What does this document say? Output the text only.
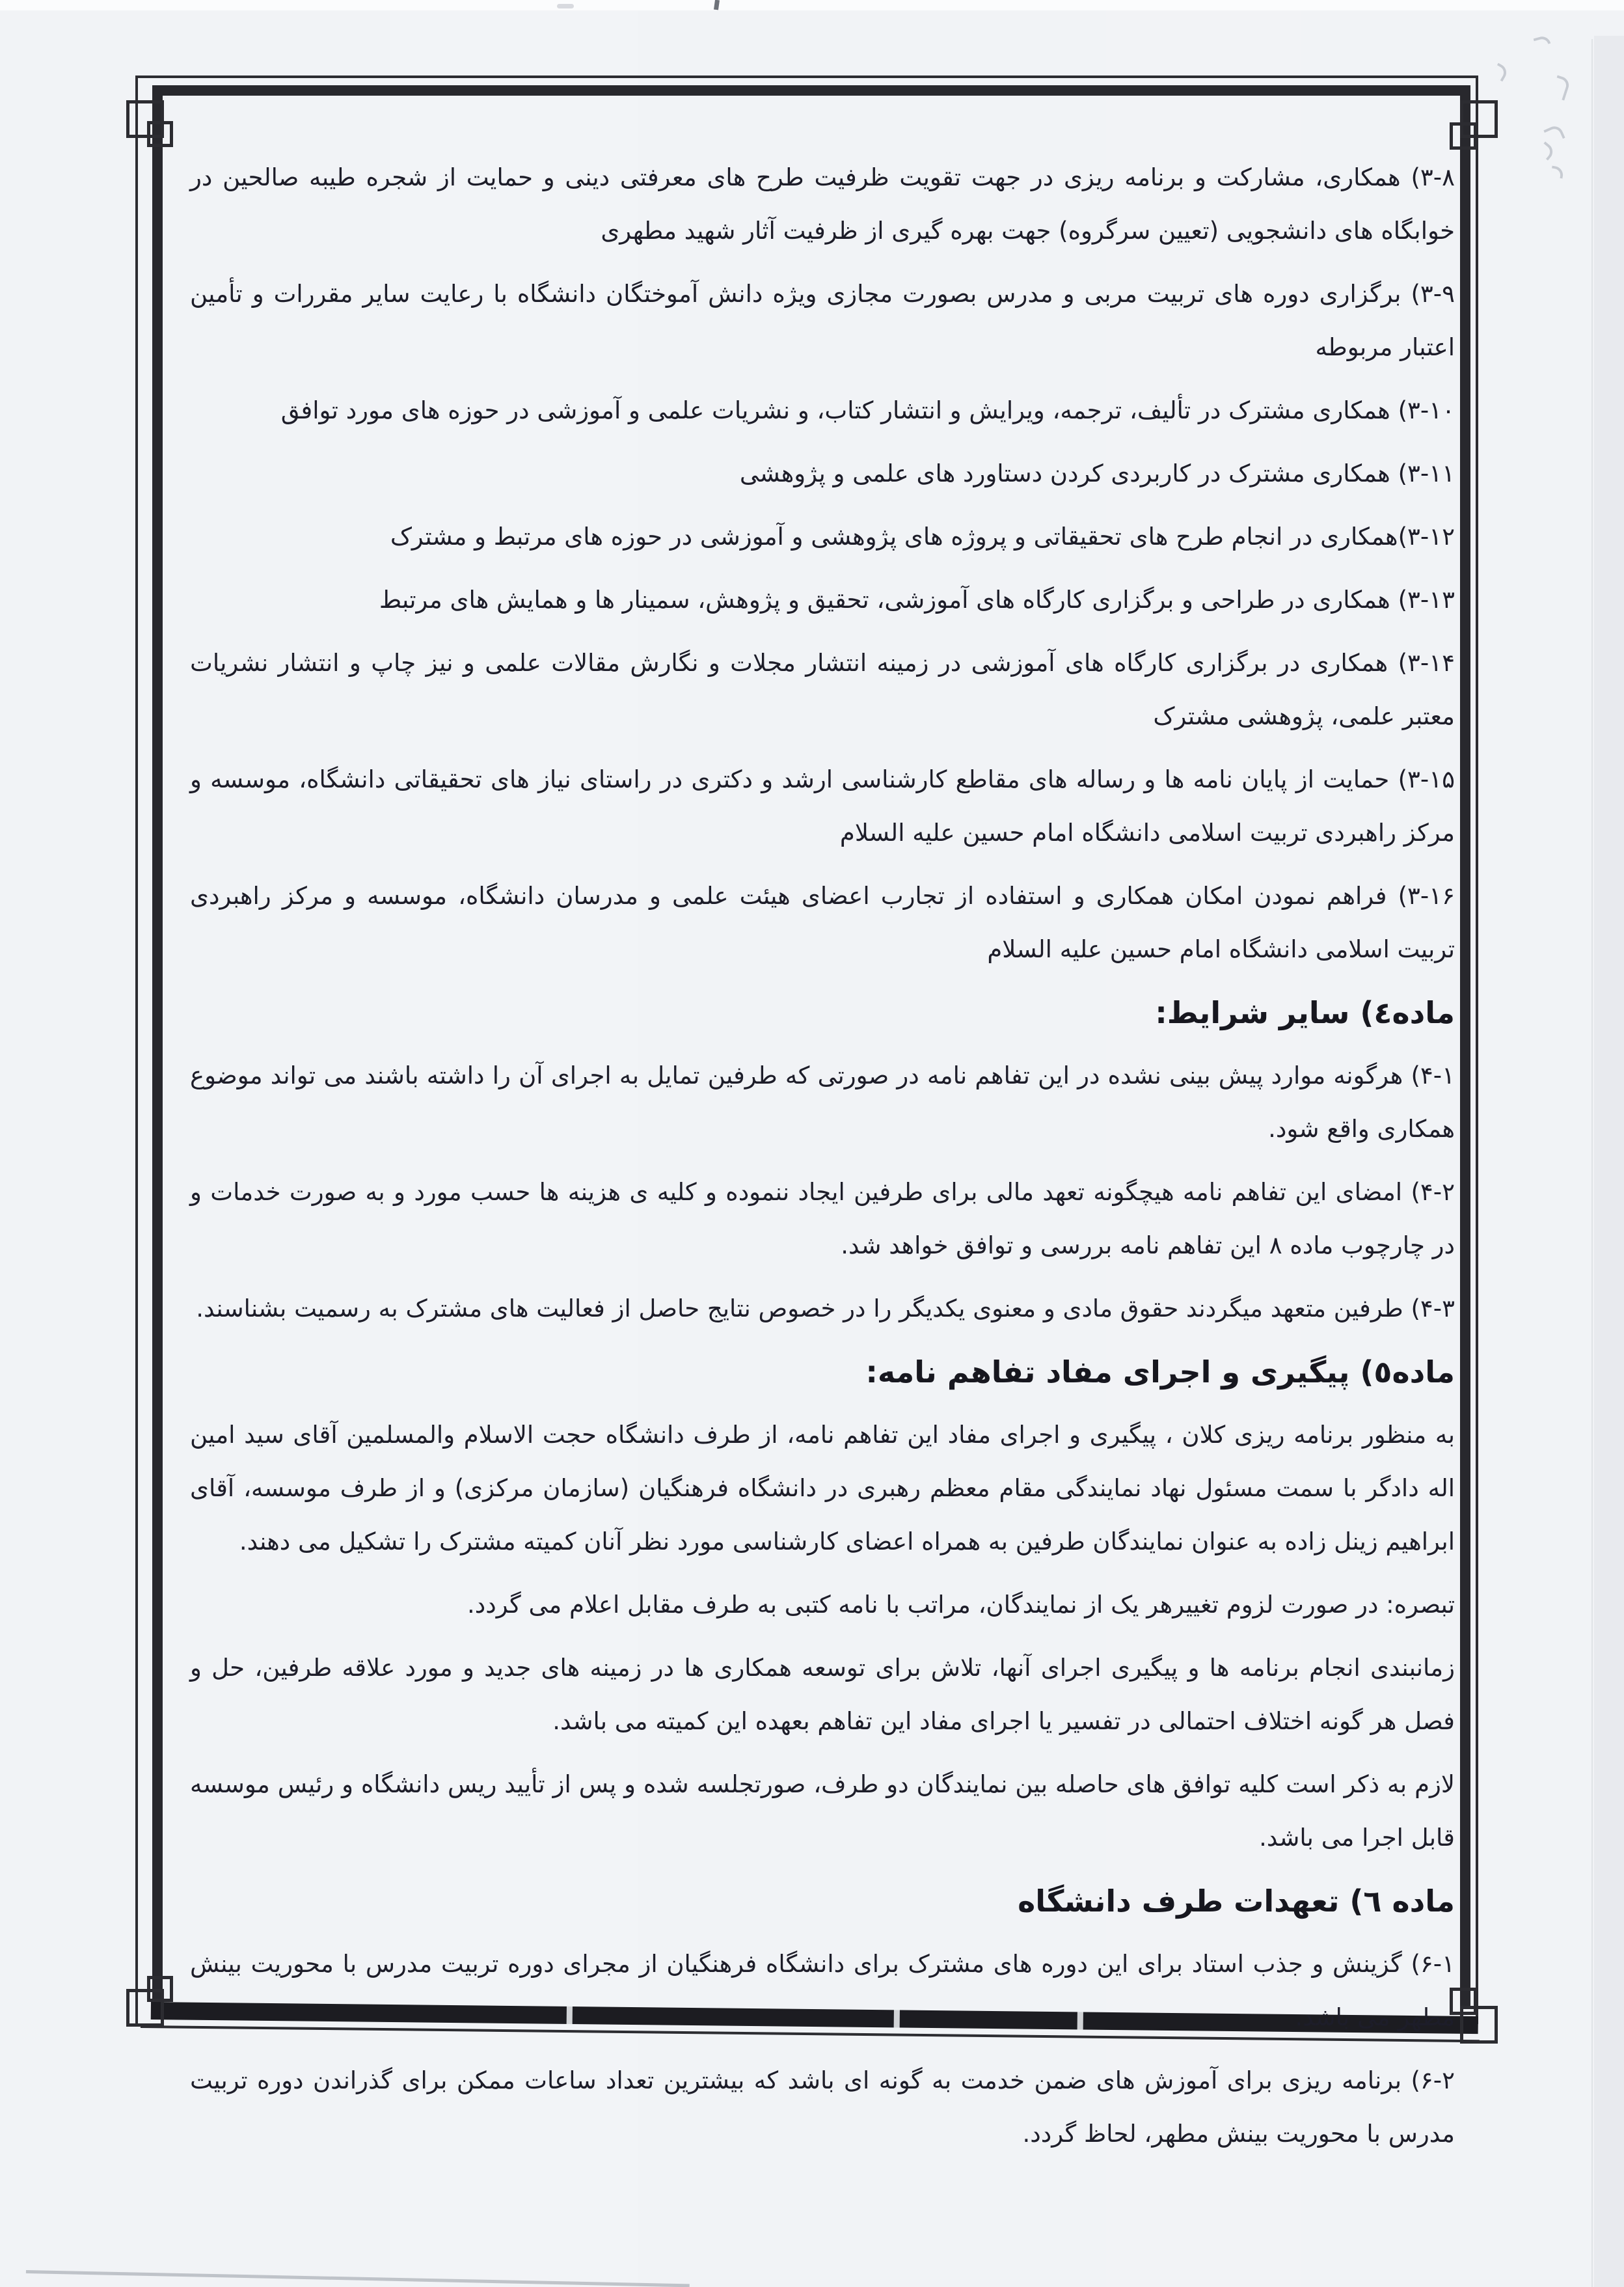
۳-۸) همکاری، مشارکت و برنامه ریزی در جهت تقویت ظرفیت طرح های معرفتی دینی و حمایت از شجره طیبه صالحین در خوابگاه های دانشجویی (تعیین سرگروه) جهت بهره گیری از ظرفیت آثار شهید مطهری

۳-۹) برگزاری دوره های تربیت مربی و مدرس بصورت مجازی ویژه دانش آموختگان دانشگاه با رعایت سایر مقررات و تأمین اعتبار مربوطه

۳-۱۰) همکاری مشترک در تألیف، ترجمه، ویرایش و انتشار کتاب، و نشریات علمی و آموزشی در حوزه های مورد توافق

۳-۱۱) همکاری مشترک در کاربردی کردن دستاورد های علمی و پژوهشی

۳-۱۲)همکاری در انجام طرح های تحقیقاتی و پروژه های پژوهشی و آموزشی در حوزه های مرتبط و مشترک

۳-۱۳) همکاری در طراحی و برگزاری کارگاه های آموزشی، تحقیق و پژوهش، سمینار ها و همایش های مرتبط

۳-۱۴) همکاری در برگزاری کارگاه های آموزشی در زمینه انتشار مجلات و نگارش مقالات علمی و نیز چاپ و انتشار نشریات معتبر علمی، پژوهشی مشترک

۳-۱۵) حمایت از پایان نامه ها و رساله های مقاطع کارشناسی ارشد و دکتری در راستای نیاز های تحقیقاتی دانشگاه، موسسه و مرکز راهبردی تربیت اسلامی دانشگاه امام حسین علیه السلام

۳-۱۶) فراهم نمودن امکان همکاری و استفاده از تجارب اعضای هیئت علمی و مدرسان دانشگاه، موسسه و مرکز راهبردی تربیت اسلامی دانشگاه امام حسین علیه السلام

ماده٤) سایر شرایط:

۴-۱) هرگونه موارد پیش بینی نشده در این تفاهم نامه در صورتی که طرفین تمایل به اجرای آن را داشته باشند می تواند موضوع همکاری واقع شود.

۴-۲) امضای این تفاهم نامه هیچگونه تعهد مالی برای طرفین ایجاد ننموده و کلیه ی هزینه ها حسب مورد و به صورت خدمات و در چارچوب ماده ۸ این تفاهم نامه بررسی و توافق خواهد شد.

۴-۳) طرفین متعهد میگردند حقوق مادی و معنوی یکدیگر را در خصوص نتایج حاصل از فعالیت های مشترک به رسمیت بشناسند.

ماده٥) پیگیری و اجرای مفاد تفاهم نامه:

به منظور برنامه ریزی کلان ، پیگیری و اجرای مفاد این تفاهم نامه، از طرف دانشگاه حجت الاسلام والمسلمین آقای سید امین اله دادگر با سمت مسئول نهاد نمایندگی مقام معظم رهبری در دانشگاه فرهنگیان (سازمان مرکزی) و از طرف موسسه، آقای ابراهیم زینل زاده به عنوان نمایندگان طرفین به همراه اعضای کارشناسی مورد نظر آنان کمیته مشترک را تشکیل می دهند.

تبصره: در صورت لزوم تغییرهر یک از نمایندگان، مراتب با نامه کتبی به طرف مقابل اعلام می گردد.

زمانبندی انجام برنامه ها و پیگیری اجرای آنها، تلاش برای توسعه همکاری ها در زمینه های جدید و مورد علاقه طرفین، حل و فصل هر گونه اختلاف احتمالی در تفسیر یا اجرای مفاد این تفاهم بعهده این کمیته می باشد.

لازم به ذکر است کلیه توافق های حاصله بین نمایندگان دو طرف، صورتجلسه شده و پس از تأیید ریس دانشگاه و رئیس موسسه قابل اجرا می باشد.

ماده ٦) تعهدات طرف دانشگاه

۶-۱) گزینش و جذب استاد برای این دوره های مشترک برای دانشگاه فرهنگیان از مجرای دوره تربیت مدرس با محوریت بینش مطهر می باشد.

۶-۲) برنامه ریزی برای آموزش های ضمن خدمت به گونه ای باشد که بیشترین تعداد ساعات ممکن برای گذراندن دوره تربیت مدرس با محوریت بینش مطهر، لحاظ گردد.
